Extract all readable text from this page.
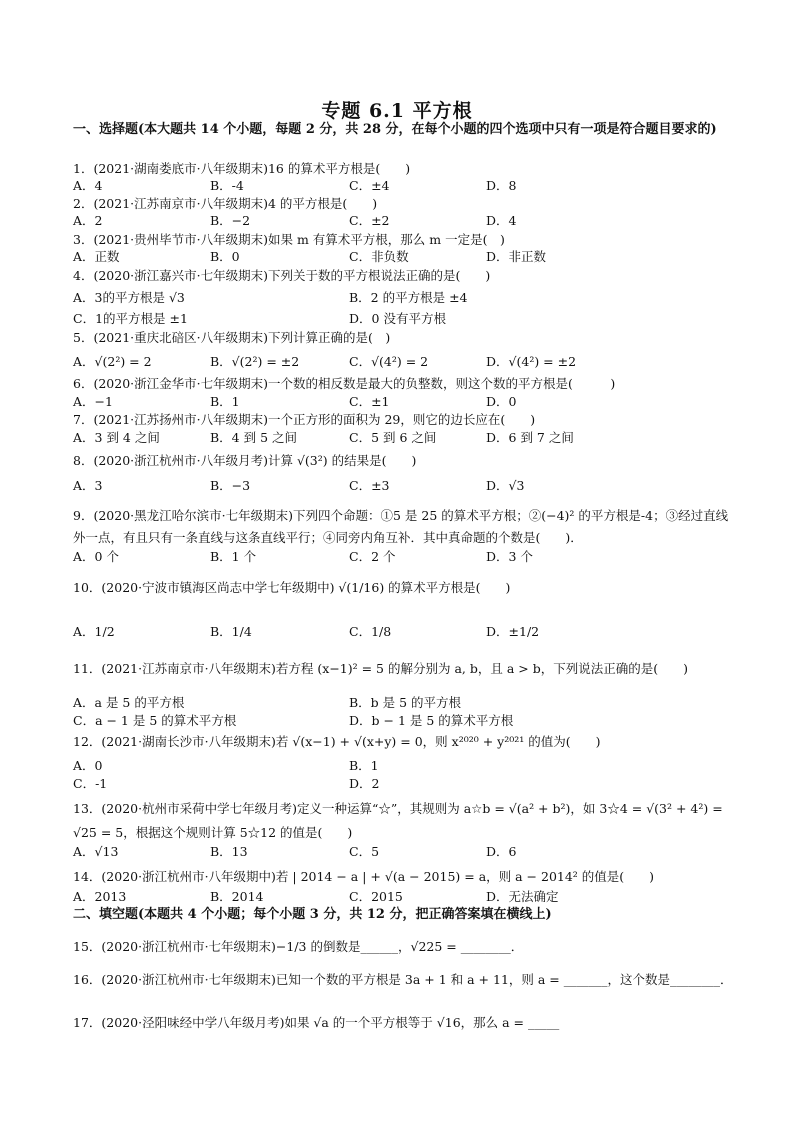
专题 6.1 平方根
一、选择题(本大题共 14 个小题，每题 2 分，共 28 分，在每个小题的四个选项中只有一项是符合题目要求的)
1．(2021·湖南娄底市·八年级期末)16 的算术平方根是(　　)
A．4	B．-4	C．±4	D．8
2．(2021·江苏南京市·八年级期末)4 的平方根是(　　)
A．2	B．−2	C．±2	D．4
3．(2021·贵州毕节市·八年级期末)如果 m 有算术平方根，那么 m 一定是(　)
A．正数	B．0	C．非负数	D．非正数
4．(2020·浙江嘉兴市·七年级期末)下列关于数的平方根说法正确的是(　　)
A．3的平方根是 √3	B．2 的平方根是 ±4
C．1的平方根是 ±1	D．0 没有平方根
5．(2021·重庆北碚区·八年级期末)下列计算正确的是(　)
A．√(2²) = 2	B．√(2²) = ±2	C．√(4²) = 2	D．√(4²) = ±2
6．(2020·浙江金华市·七年级期末)一个数的相反数是最大的负整数，则这个数的平方根是(　　　)
A．−1	B．1	C．±1	D．0
7．(2021·江苏扬州市·八年级期末)一个正方形的面积为 29，则它的边长应在(　　)
A．3 到 4 之间	B．4 到 5 之间	C．5 到 6 之间	D．6 到 7 之间
8．(2020·浙江杭州市·八年级月考)计算 √(3²) 的结果是(　　)
A．3	B．−3	C．±3	D．√3
9．(2020·黑龙江哈尔滨市·七年级期末)下列四个命题：①5 是 25 的算术平方根；②(−4)² 的平方根是-4；③经过直线外一点，有且只有一条直线与这条直线平行；④同旁内角互补．其中真命题的个数是(　　)．
A．0 个	B．1 个	C．2 个	D．3 个
10．(2020·宁波市镇海区尚志中学七年级期中) √(1/16) 的算术平方根是(　　)
A．1/2	B．1/4	C．1/8	D．±1/2
11．(2021·江苏南京市·八年级期末)若方程 (x−1)² = 5 的解分别为 a, b，且 a > b，下列说法正确的是(　　)
A．a 是 5 的平方根	B．b 是 5 的平方根
C．a − 1 是 5 的算术平方根	D．b − 1 是 5 的算术平方根
12．(2021·湖南长沙市·八年级期末)若 √(x−1) + √(x+y) = 0，则 x²⁰²⁰ + y²⁰²¹ 的值为(　　)
A．0	B．1
C．-1	D．2
13．(2020·杭州市采荷中学七年级月考)定义一种运算“☆”，其规则为 a☆b = √(a² + b²)，如 3☆4 = √(3² + 4²) = √25 = 5，根据这个规则计算 5☆12 的值是(　　)
A．√13	B．13	C．5	D．6
14．(2020·浙江杭州市·八年级期中)若 | 2014 − a | + √(a − 2015) = a，则 a − 2014² 的值是(　　)
A．2013	B．2014	C．2015	D．无法确定
二、填空题(本题共 4 个小题；每个小题 3 分，共 12 分，把正确答案填在横线上)
15．(2020·浙江杭州市·七年级期末)−1/3 的倒数是______，√225 = ________．
16．(2020·浙江杭州市·七年级期末)已知一个数的平方根是 3a + 1 和 a + 11，则 a = _______，这个数是________．
17．(2020·泾阳味经中学八年级月考)如果 √a 的一个平方根等于 √16，那么 a = _____
